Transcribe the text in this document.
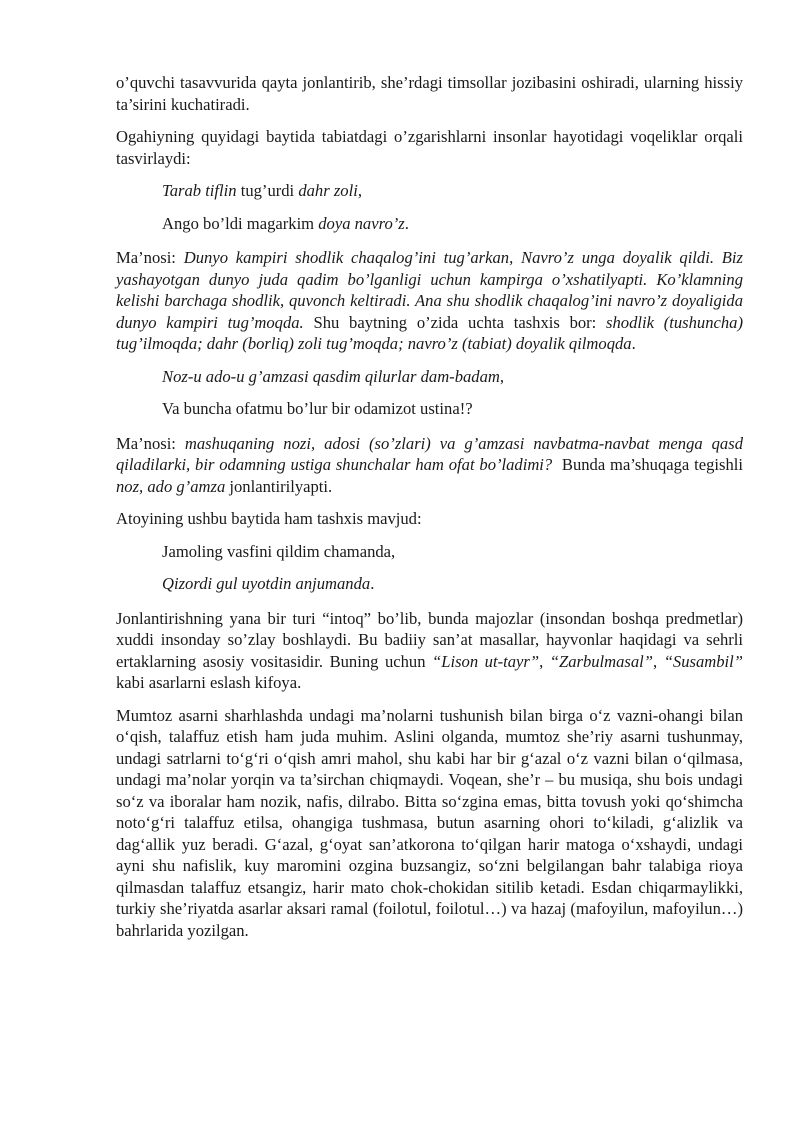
o’quvchi tasavvurida qayta jonlantirib, she’rdagi timsollar jozibasini oshiradi, ularning hissiy ta’sirini kuchatiradi.

Ogahiyning quyidagi baytida tabiatdagi o’zgarishlarni insonlar hayotidagi voqeliklar orqali tasvirlaydi:

Tarab tiflin tug’urdi dahr zoli,
Ango bo’ldi magarkim doya navro’z.

Ma’nosi: Dunyo kampiri shodlik chaqalog’ini tug’arkan, Navro’z unga doyalik qildi. Biz yashayotgan dunyo juda qadim bo’lganligi uchun kampirga o’xshatilyapti. Ko’klamning kelishi barchaga shodlik, quvonch keltiradi. Ana shu shodlik chaqalog’ini navro’z doyaligida dunyo kampiri tug’moqda. Shu baytning o’zida uchta tashxis bor: shodlik (tushuncha) tug’ilmoqda; dahr (borliq) zoli tug’moqda; navro’z (tabiat) doyalik qilmoqda.

Noz-u ado-u g’amzasi qasdim qilurlar dam-badam,
Va buncha ofatmu bo’lur bir odamizot ustina!?

Ma’nosi: mashuqaning nozi, adosi (so’zlari) va g’amzasi navbatma-navbat menga qasd qiladilarki, bir odamning ustiga shunchalar ham ofat bo’ladimi?  Bunda ma’shuqaga tegishli noz, ado g’amza jonlantirilyapti.

Atoyining ushbu baytida ham tashxis mavjud:

Jamoling vasfini qildim chamanda,
Qizordi gul uyotdin anjumanda.

Jonlantirishning yana bir turi “intoq” bo’lib, bunda majozlar (insondan boshqa predmetlar) xuddi insonday so’zlay boshlaydi. Bu badiiy san’at masallar, hayvonlar haqidagi va sehrli ertaklarning asosiy vositasidir. Buning uchun “Lison ut-tayr”, “Zarbulmasal”, “Susambil” kabi asarlarni eslash kifoya.

Mumtoz asarni sharhlashda undagi ma’nolarni tushunish bilan birga o‘z vazni-ohangi bilan o‘qish, talaffuz etish ham juda muhim. Aslini olganda, mumtoz she’riy asarni tushunmay, undagi satrlarni to‘g‘ri o‘qish amri mahol, shu kabi har bir g‘azal o‘z vazni bilan o‘qilmasa, undagi ma’nolar yorqin va ta’sirchan chiqmaydi. Voqean, she’r – bu musiqa, shu bois undagi so‘z va iboralar ham nozik, nafis, dilrabo. Bitta so‘zgina emas, bitta tovush yoki qo‘shimcha noto‘g‘ri talaffuz etilsa, ohangiga tushmasa, butun asarning ohori to‘kiladi, g‘alizlik va dag‘allik yuz beradi. G‘azal, g‘oyat san’atkorona to‘qilgan harir matoga o‘xshaydi, undagi ayni shu nafislik, kuy maromini ozgina buzsangiz, so‘zni belgilangan bahr talabiga rioya qilmasdan talaffuz etsangiz, harir mato chok-chokidan sitilib ketadi. Esdan chiqarmaylikki, turkiy she’riyatda asarlar aksari ramal (foilotul, foilotul…) va hazaj (mafoyilun, mafoyilun…) bahrlarida yozilgan.
